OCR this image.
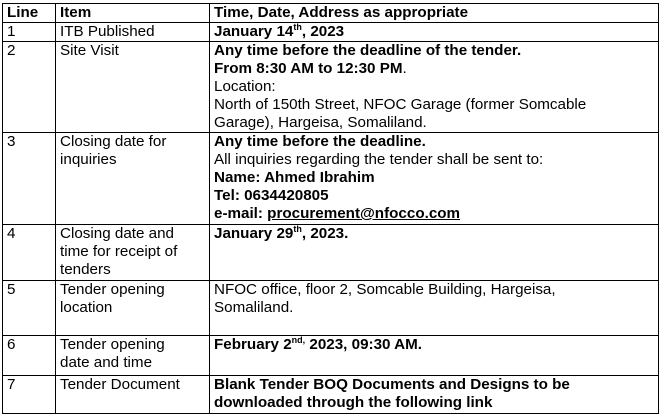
Line	Item	Time, Date, Address as appropriate
1	ITB Published	January 14th, 2023
2	Site Visit	Any time before the deadline of the tender.
From 8:30 AM to 12:30 PM.
Location:
North of 150th Street, NFOC Garage (former Somcable
Garage), Hargeisa, Somaliland.

3	Closing date for
inquiries	Any time before the deadline.
All inquiries regarding the tender shall be sent to:
Name: Ahmed Ibrahim
Tel: 0634420805
e-mail: procurement@nfocco.com

4	Closing date and
time for receipt of
tenders	January 29th, 2023.
5	Tender opening
location	NFOC office, floor 2, Somcable Building, Hargeisa,
Somaliland.

6	Tender opening
date and time	February $2^{nd,}$ 2023, 09:30 AM.
7	Tender Document	Blank Tender BOQ Documents and Designs to be
downloaded through the following link
